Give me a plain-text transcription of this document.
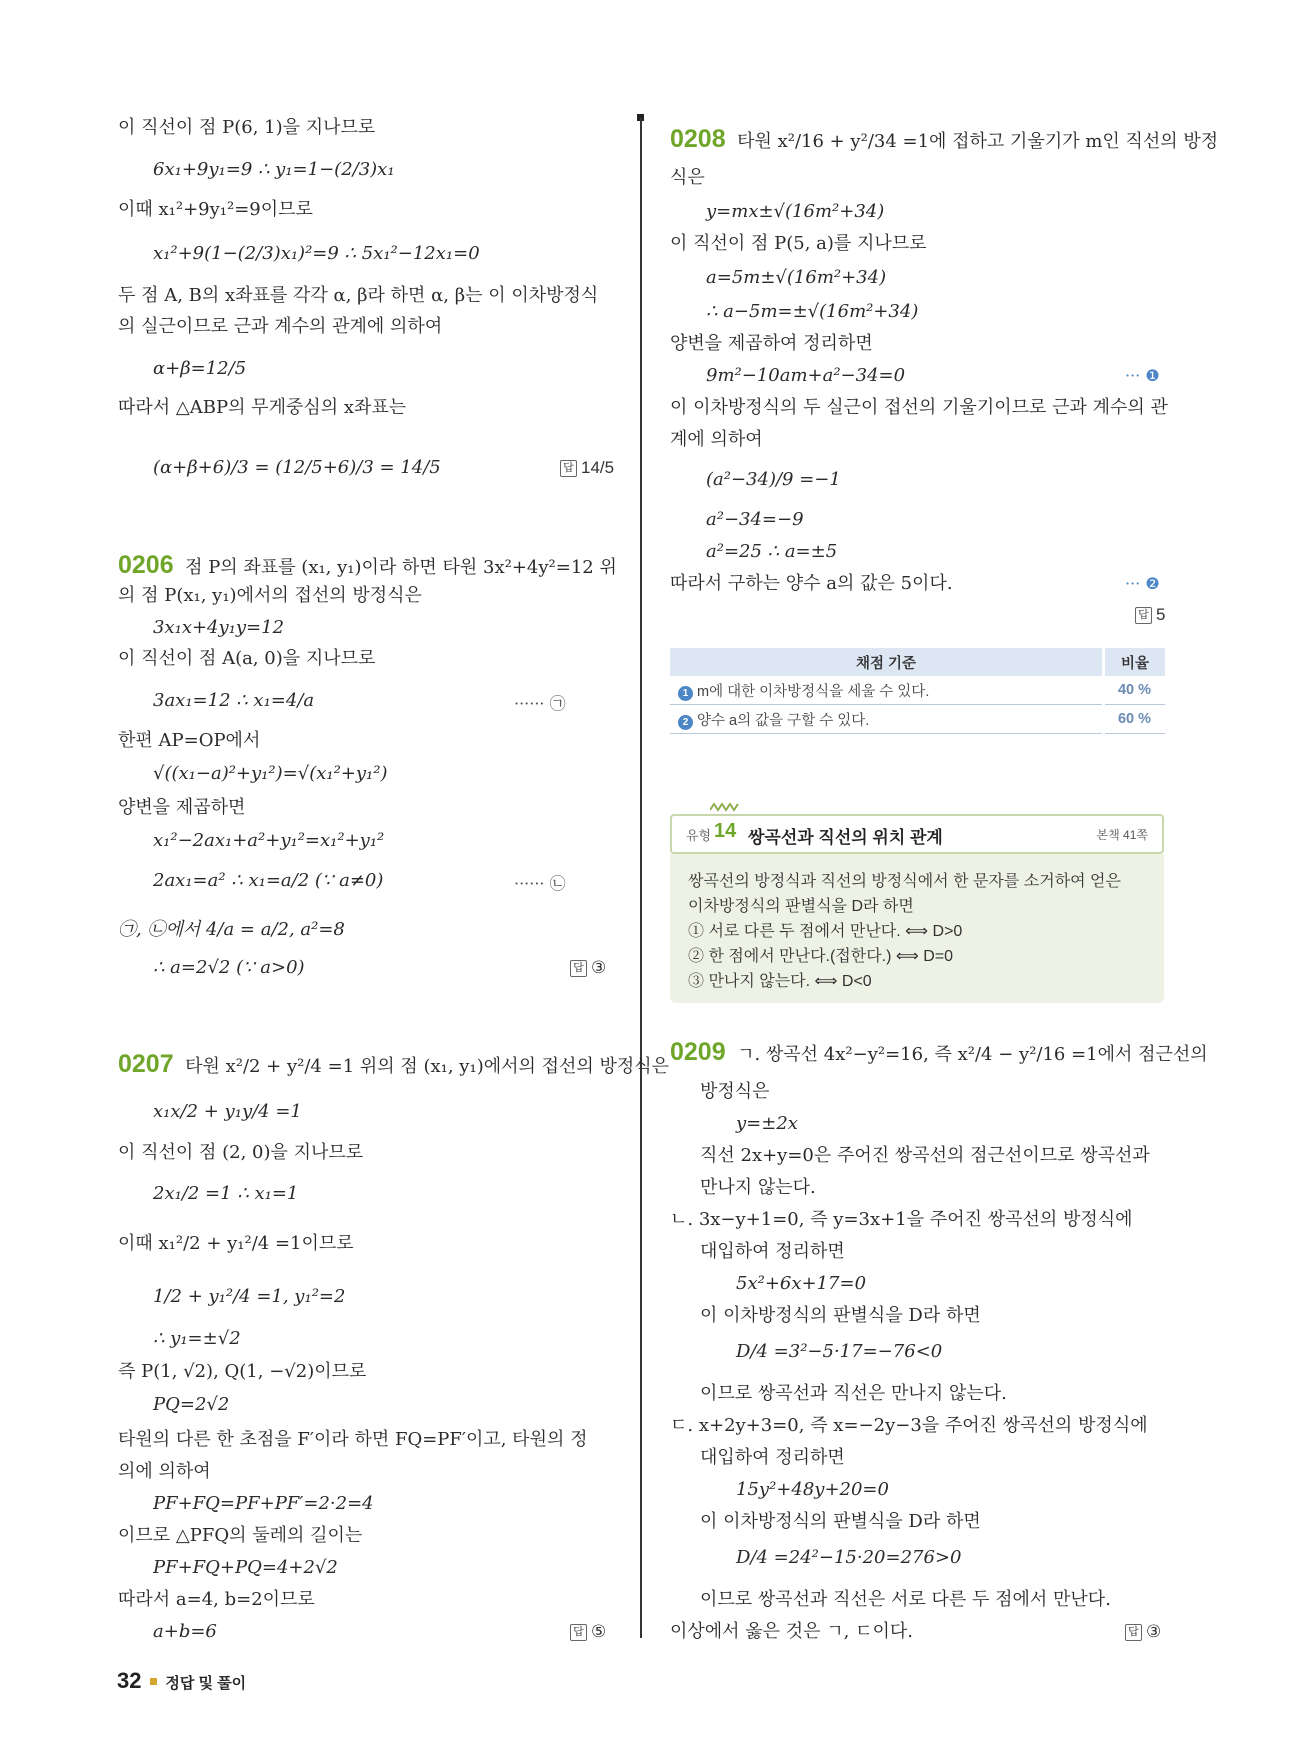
이 직선이 점 P(6, 1)을 지나므로
6x₁+9y₁=9 ∴ y₁=1−(2/3)x₁
이때 x₁²+9y₁²=9이므로
x₁²+9(1−(2/3)x₁)²=9 ∴ 5x₁²−12x₁=0
두 점 A, B의 x좌표를 각각 α, β라 하면 α, β는 이 이차방정식
의 실근이므로 근과 계수의 관계에 의하여
α+β=12/5
따라서 △ABP의 무게중심의 x좌표는
(α+β+6)/3 = (12/5+6)/3 = 14/5	답 14/5
0206 점 P의 좌표를 (x₁, y₁)이라 하면 타원 3x²+4y²=12 위
의 점 P(x₁, y₁)에서의 접선의 방정식은
3x₁x+4y₁y=12
이 직선이 점 A(a, 0)을 지나므로
3ax₁=12 ∴ x₁=4/a	······ ㉠
한편 AP=OP에서
√((x₁−a)²+y₁²)=√(x₁²+y₁²)
양변을 제곱하면
x₁²−2ax₁+a²+y₁²=x₁²+y₁²
2ax₁=a² ∴ x₁=a/2 (∵ a≠0)	······ ㉡
㉠, ㉡에서 4/a = a/2, a²=8
∴ a=2√2 (∵ a>0)	답 ③
0207 타원 x²/2 + y²/4 =1 위의 점 (x₁, y₁)에서의 접선의 방정식은
x₁x/2 + y₁y/4 =1
이 직선이 점 (2, 0)을 지나므로
2x₁/2 =1 ∴ x₁=1
이때 x₁²/2 + y₁²/4 =1이므로
1/2 + y₁²/4 =1, y₁²=2
∴ y₁=±√2
즉 P(1, √2), Q(1, −√2)이므로
PQ=2√2
타원의 다른 한 초점을 F′이라 하면 FQ=PF′이고, 타원의 정
의에 의하여
PF+FQ=PF+PF′=2·2=4
이므로 △PFQ의 둘레의 길이는
PF+FQ+PQ=4+2√2
따라서 a=4, b=2이므로
a+b=6	답 ⑤
0208 타원 x²/16 + y²/34 =1에 접하고 기울기가 m인 직선의 방정
식은
y=mx±√(16m²+34)
이 직선이 점 P(5, a)를 지나므로
a=5m±√(16m²+34)
∴ a−5m=±√(16m²+34)
양변을 제곱하여 정리하면
9m²−10am+a²−34=0	··· ❶
이 이차방정식의 두 실근이 접선의 기울기이므로 근과 계수의 관
계에 의하여
(a²−34)/9 =−1
a²−34=−9
a²=25 ∴ a=±5
따라서 구하는 양수 a의 값은 5이다.	··· ❷
답 5
채점 기준	비율
1 m에 대한 이차방정식을 세울 수 있다.	40 %
2 양수 a의 값을 구할 수 있다.	60 %
유형 14 쌍곡선과 직선의 위치 관계	본책 41쪽
쌍곡선의 방정식과 직선의 방정식에서 한 문자를 소거하여 얻은
이차방정식의 판별식을 D라 하면
① 서로 다른 두 점에서 만난다. ⟺ D>0
② 한 점에서 만난다.(접한다.) ⟺ D=0
③ 만나지 않는다. ⟺ D<0
0209 ㄱ. 쌍곡선 4x²−y²=16, 즉 x²/4 − y²/16 =1에서 점근선의
방정식은
y=±2x
직선 2x+y=0은 주어진 쌍곡선의 점근선이므로 쌍곡선과
만나지 않는다.
ㄴ. 3x−y+1=0, 즉 y=3x+1을 주어진 쌍곡선의 방정식에
대입하여 정리하면
5x²+6x+17=0
이 이차방정식의 판별식을 D라 하면
D/4 =3²−5·17=−76<0
이므로 쌍곡선과 직선은 만나지 않는다.
ㄷ. x+2y+3=0, 즉 x=−2y−3을 주어진 쌍곡선의 방정식에
대입하여 정리하면
15y²+48y+20=0
이 이차방정식의 판별식을 D라 하면
D/4 =24²−15·20=276>0
이므로 쌍곡선과 직선은 서로 다른 두 점에서 만난다.
이상에서 옳은 것은 ㄱ, ㄷ이다.	답 ③
32 정답 및 풀이
